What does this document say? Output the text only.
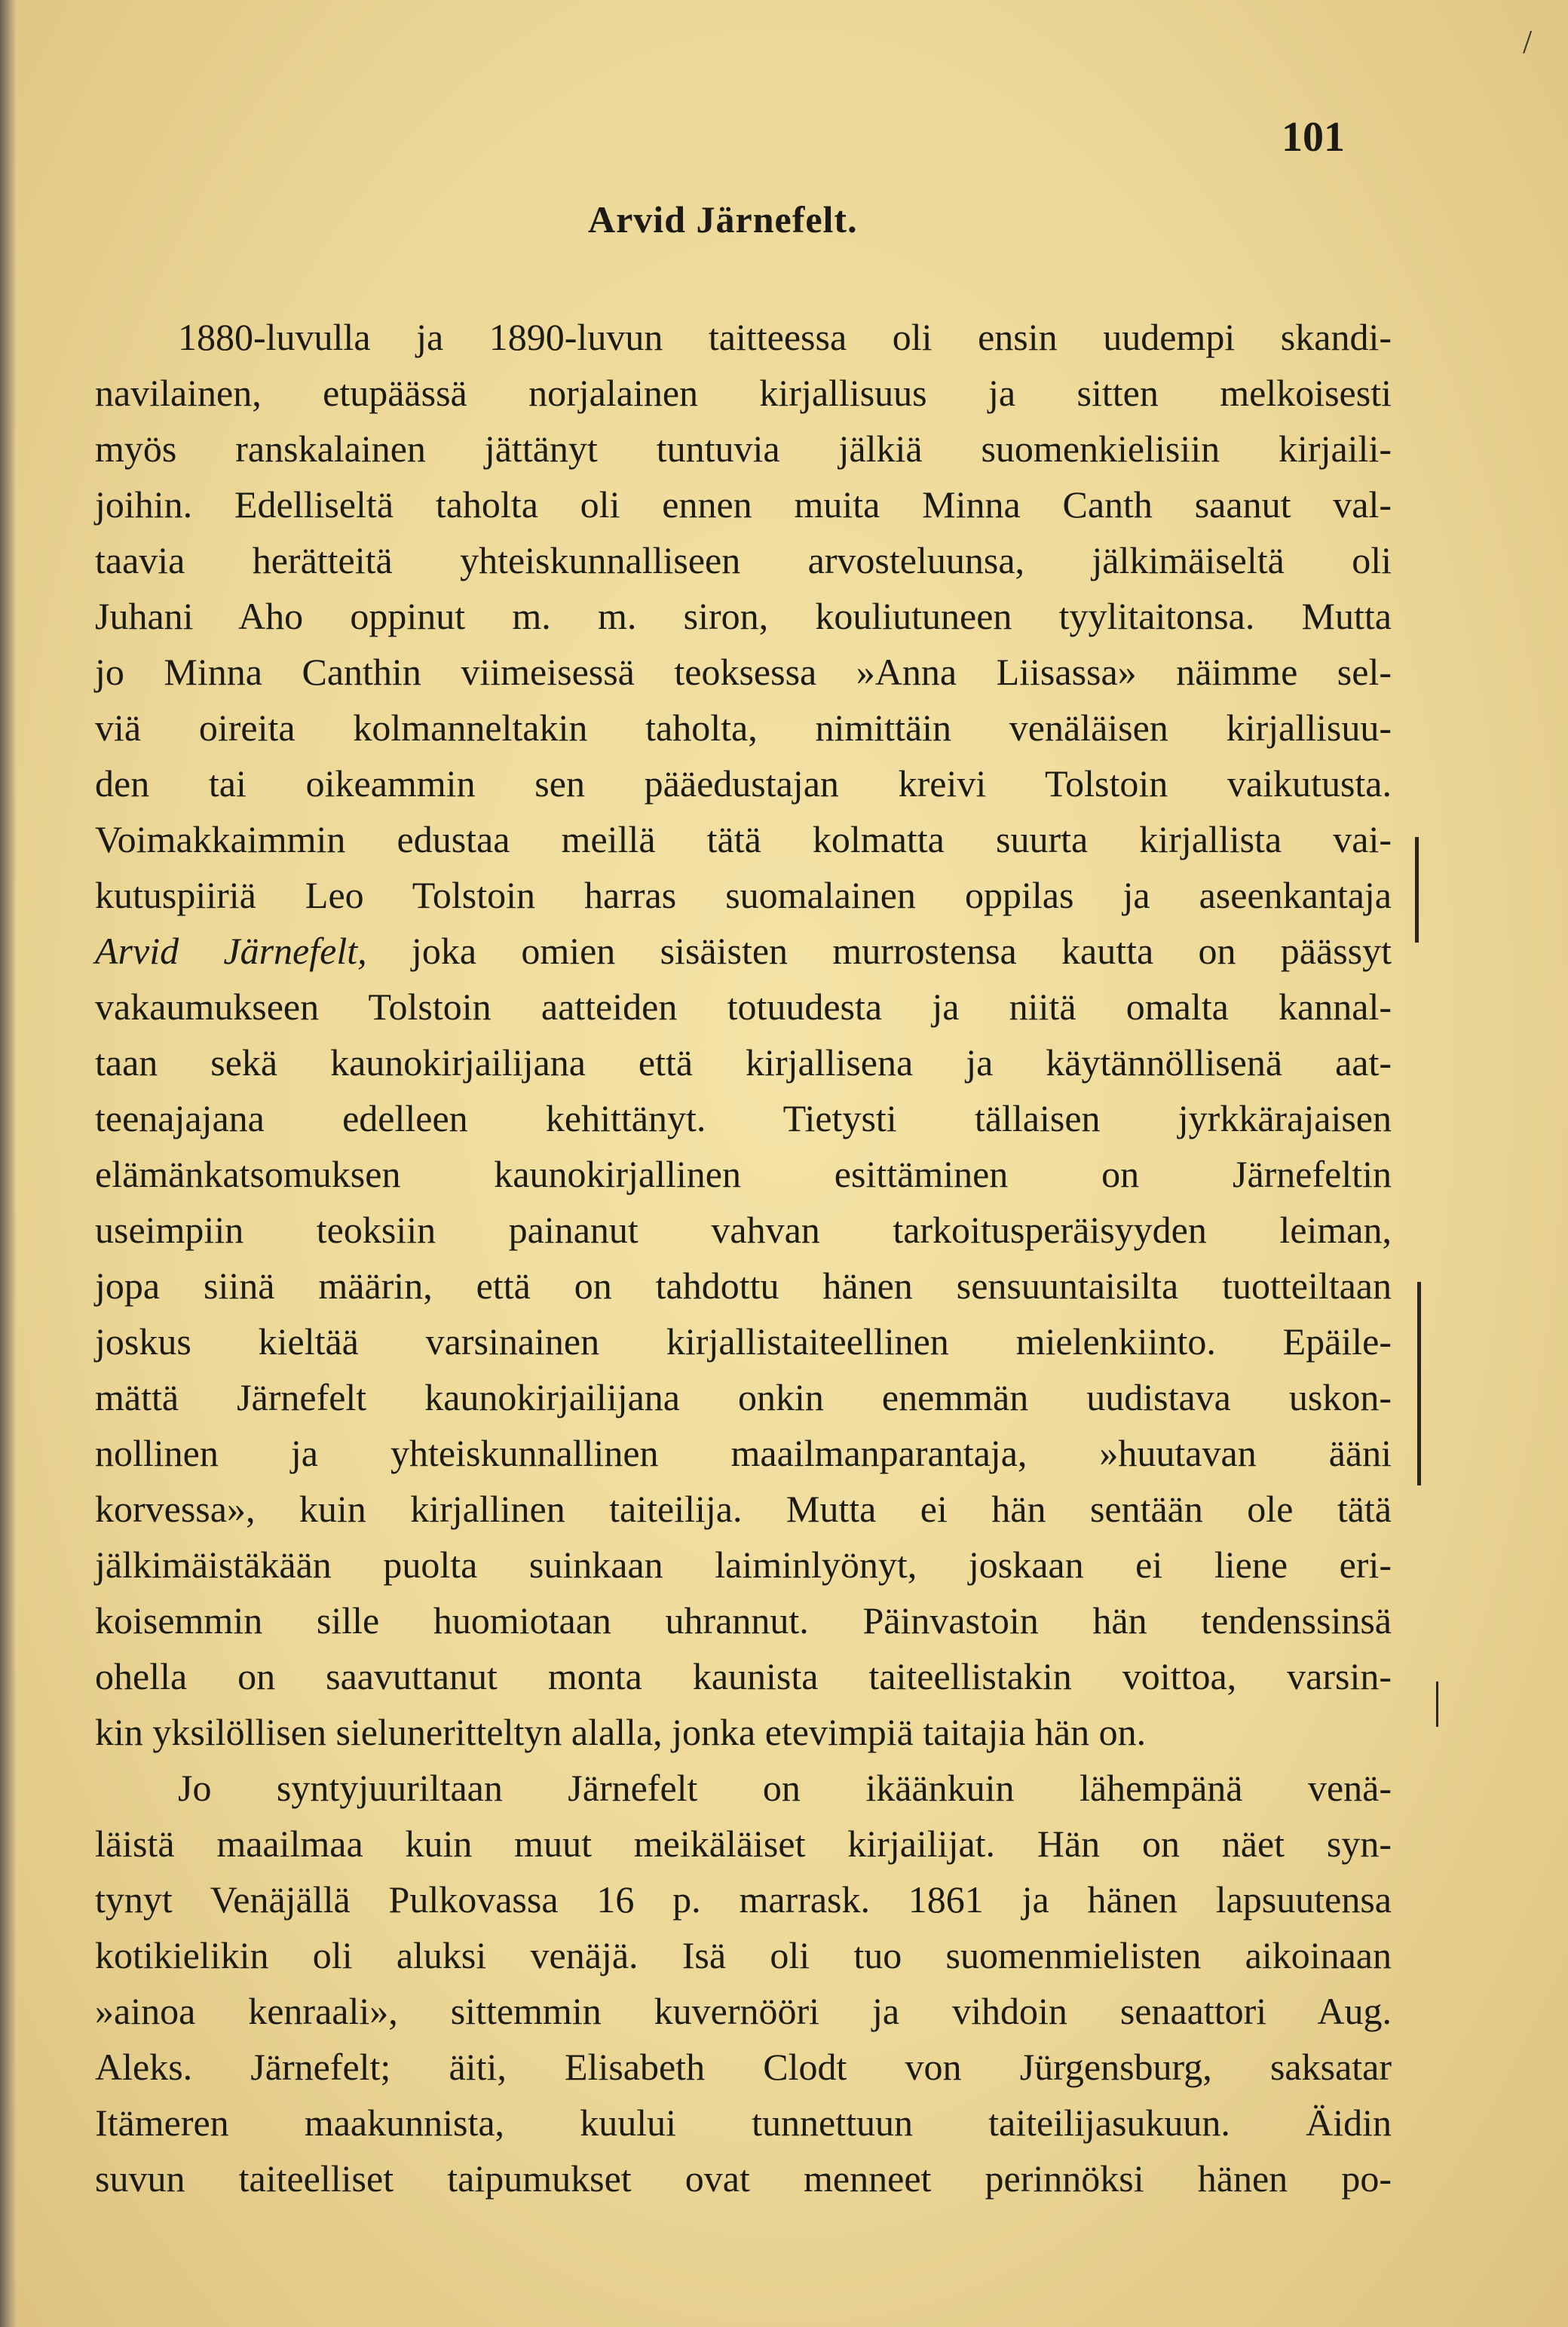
/

101

Arvid Järnefelt.
1880-luvulla ja 1890-luvun taitteessa oli ensin uudempi skandi-
navilainen, etupäässä norjalainen kirjallisuus ja sitten melkoisesti
myös ranskalainen jättänyt tuntuvia jälkiä suomenkielisiin kirjaili-
joihin. Edelliseltä taholta oli ennen muita Minna Canth saanut val-
taavia herätteitä yhteiskunnalliseen arvosteluunsa, jälkimäiseltä oli
Juhani Aho oppinut m. m. siron, kouliutuneen tyylitaitonsa. Mutta
jo Minna Canthin viimeisessä teoksessa »Anna Liisassa» näimme sel-
viä oireita kolmanneltakin taholta, nimittäin venäläisen kirjallisuu-
den tai oikeammin sen pääedustajan kreivi Tolstoin vaikutusta.
Voimakkaimmin edustaa meillä tätä kolmatta suurta kirjallista vai-
kutuspiiriä Leo Tolstoin harras suomalainen oppilas ja aseenkantaja
Arvid Järnefelt, joka omien sisäisten murrostensa kautta on päässyt
vakaumukseen Tolstoin aatteiden totuudesta ja niitä omalta kannal-
taan sekä kaunokirjailijana että kirjallisena ja käytännöllisenä aat-
teenajajana edelleen kehittänyt. Tietysti tällaisen jyrkkärajaisen
elämänkatsomuksen kaunokirjallinen esittäminen on Järnefeltin
useimpiin teoksiin painanut vahvan tarkoitusperäisyyden leiman,
jopa siinä määrin, että on tahdottu hänen sensuuntaisilta tuotteiltaan
joskus kieltää varsinainen kirjallistaiteellinen mielenkiinto. Epäile-
mättä Järnefelt kaunokirjailijana onkin enemmän uudistava uskon-
nollinen ja yhteiskunnallinen maailmanparantaja, »huutavan ääni
korvessa», kuin kirjallinen taiteilija. Mutta ei hän sentään ole tätä
jälkimäistäkään puolta suinkaan laiminlyönyt, joskaan ei liene eri-
koisemmin sille huomiotaan uhrannut. Päinvastoin hän tendenssinsä
ohella on saavuttanut monta kaunista taiteellistakin voittoa, varsin-
kin yksilöllisen sieluneritteltyn alalla, jonka etevimpiä taitajia hän on.
Jo syntyjuuriltaan Järnefelt on ikäänkuin lähempänä venä-
läistä maailmaa kuin muut meikäläiset kirjailijat. Hän on näet syn-
tynyt Venäjällä Pulkovassa 16 p. marrask. 1861 ja hänen lapsuutensa
kotikielikin oli aluksi venäjä. Isä oli tuo suomenmielisten aikoinaan
»ainoa kenraali», sittemmin kuvernööri ja vihdoin senaattori Aug.
Aleks. Järnefelt; äiti, Elisabeth Clodt von Jürgensburg, saksatar
Itämeren maakunnista, kuului tunnettuun taiteilijasukuun. Äidin
suvun taiteelliset taipumukset ovat menneet perinnöksi hänen po-
